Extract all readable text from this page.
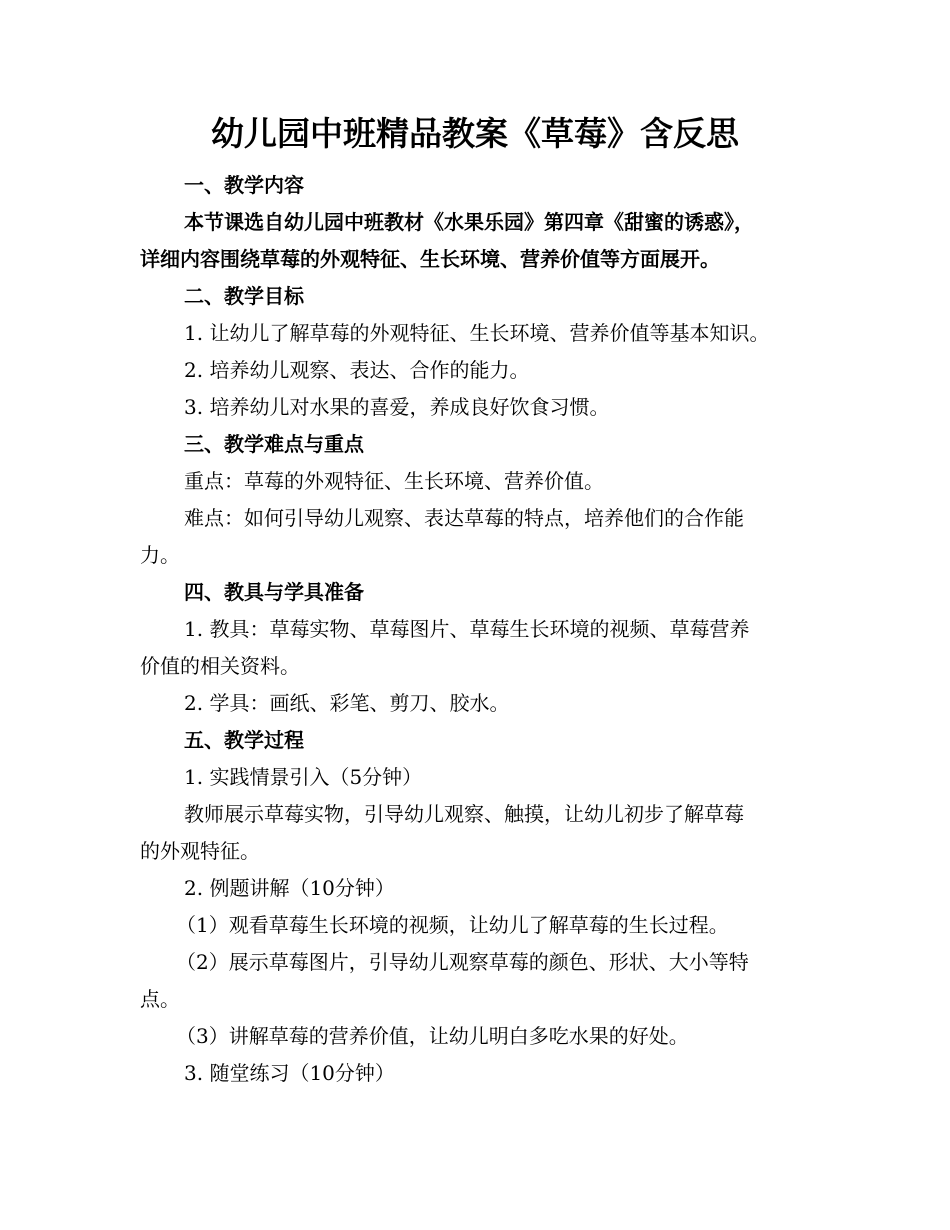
幼儿园中班精品教案《草莓》含反思
一、教学内容
本节课选自幼儿园中班教材《水果乐园》第四章《甜蜜的诱惑》，
详细内容围绕草莓的外观特征、生长环境、营养价值等方面展开。
二、教学目标
1. 让幼儿了解草莓的外观特征、生长环境、营养价值等基本知识。
2. 培养幼儿观察、表达、合作的能力。
3. 培养幼儿对水果的喜爱，养成良好饮食习惯。
三、教学难点与重点
重点：草莓的外观特征、生长环境、营养价值。
难点：如何引导幼儿观察、表达草莓的特点，培养他们的合作能
力。
四、教具与学具准备
1. 教具：草莓实物、草莓图片、草莓生长环境的视频、草莓营养
价值的相关资料。
2. 学具：画纸、彩笔、剪刀、胶水。
五、教学过程
1. 实践情景引入（5分钟）
教师展示草莓实物，引导幼儿观察、触摸，让幼儿初步了解草莓
的外观特征。
2. 例题讲解（10分钟）
（1）观看草莓生长环境的视频，让幼儿了解草莓的生长过程。
（2）展示草莓图片，引导幼儿观察草莓的颜色、形状、大小等特
点。
（3）讲解草莓的营养价值，让幼儿明白多吃水果的好处。
3. 随堂练习（10分钟）
